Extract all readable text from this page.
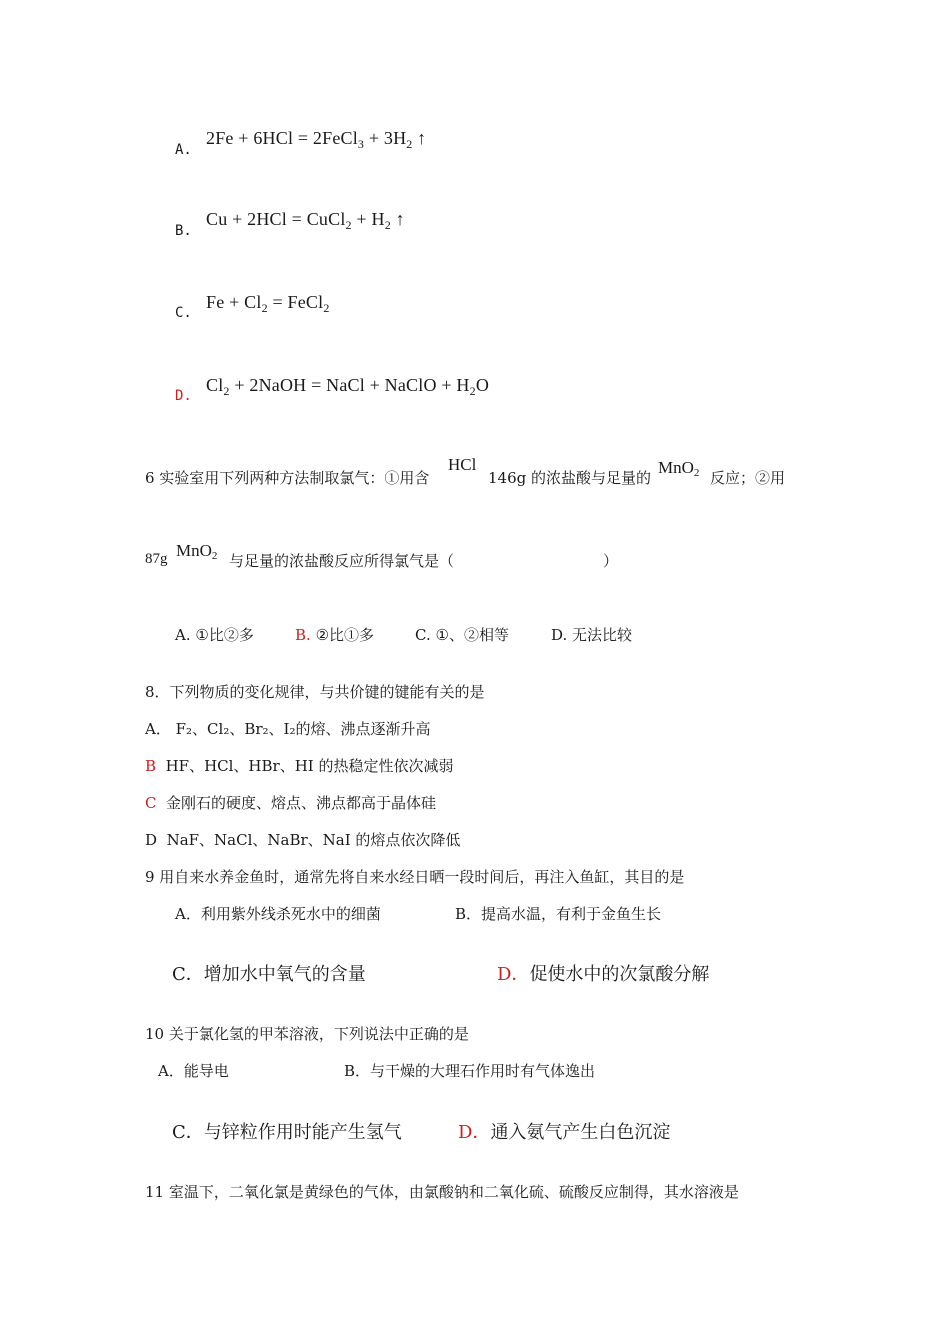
A.
2Fe + 6HCl = 2FeCl$_3$ + $3H_2$ ↑
B.
Cu + 2HCl = CuCl$_2$ + $H_2$ ↑
C.
$Fe + Cl_2$ = FeCl$_2$
D.
$Cl_2$ + 2NaOH = NaCl + NaClO + $H_2O$
6 实验室用下列两种方法制取氯气：①用含
HCl
146g 的浓盐酸与足量的
MnO$_2$ 反应；②用
87g MnO$_2$ 与足量的浓盐酸反应所得氯气是（	）
A. ①比②多	B. ②比①多	C. ①、②相等	D. 无法比较
8．下列物质的变化规律，与共价键的键能有关的是
A． F₂、Cl₂、Br₂、I₂的熔、沸点逐渐升高
B HF、HCl、HBr、HI 的热稳定性依次减弱
C 金刚石的硬度、熔点、沸点都高于晶体硅
D NaF、NaCl、NaBr、NaI 的熔点依次降低
9 用自来水养金鱼时，通常先将自来水经日晒一段时间后，再注入鱼缸，其目的是
A．利用紫外线杀死水中的细菌	B．提高水温，有利于金鱼生长
C．增加水中氧气的含量	D．促使水中的次氯酸分解
10 关于氯化氢的甲苯溶液，下列说法中正确的是
A．能导电	B．与干燥的大理石作用时有气体逸出
C．与锌粒作用时能产生氢气	D．通入氨气产生白色沉淀
11 室温下，二氧化氯是黄绿色的气体，由氯酸钠和二氧化硫、硫酸反应制得，其水溶液是
